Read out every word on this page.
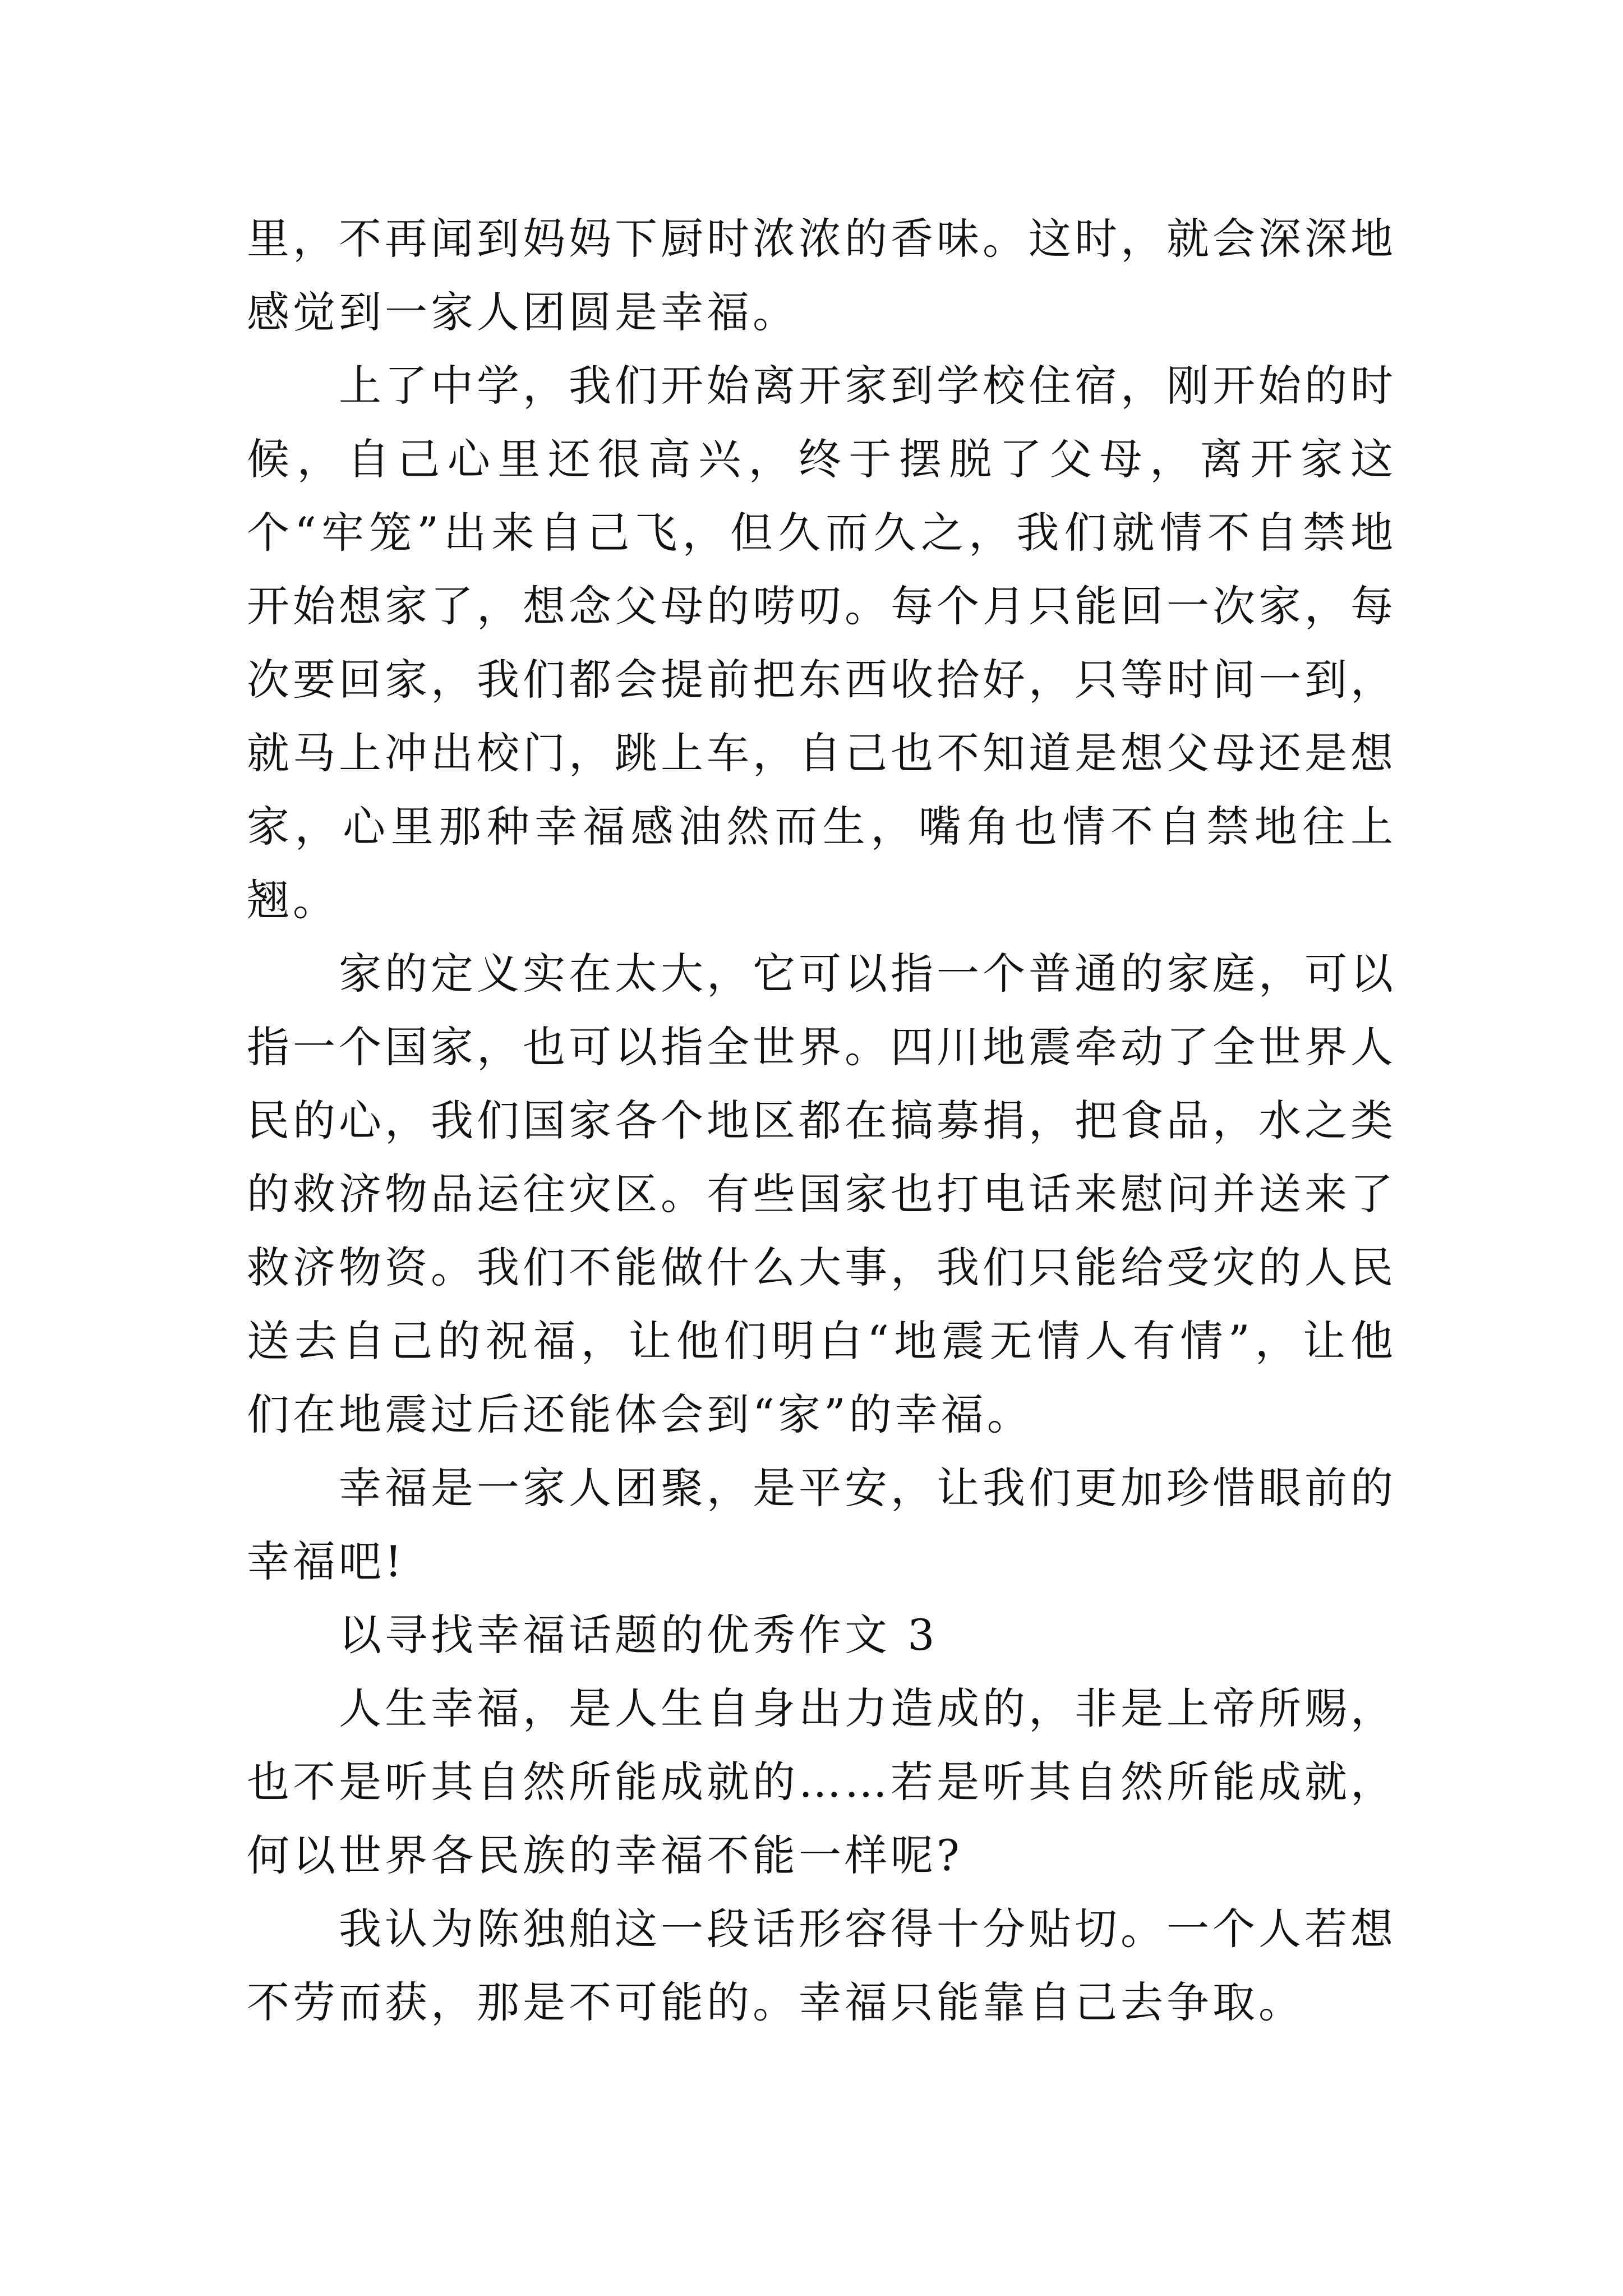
里，不再闻到妈妈下厨时浓浓的香味。这时，就会深深地感觉到一家人团圆是幸福。

上了中学，我们开始离开家到学校住宿，刚开始的时候，自己心里还很高兴，终于摆脱了父母，离开家这个“牢笼”出来自己飞，但久而久之，我们就情不自禁地开始想家了，想念父母的唠叨。每个月只能回一次家，每次要回家，我们都会提前把东西收拾好，只等时间一到，就马上冲出校门，跳上车，自己也不知道是想父母还是想家，心里那种幸福感油然而生，嘴角也情不自禁地往上翘。

家的定义实在太大，它可以指一个普通的家庭，可以指一个国家，也可以指全世界。四川地震牵动了全世界人民的心，我们国家各个地区都在搞募捐，把食品，水之类的救济物品运往灾区。有些国家也打电话来慰问并送来了救济物资。我们不能做什么大事，我们只能给受灾的人民送去自己的祝福，让他们明白“地震无情人有情”，让他们在地震过后还能体会到“家”的幸福。

幸福是一家人团聚，是平安，让我们更加珍惜眼前的幸福吧!

以寻找幸福话题的优秀作文 3

人生幸福，是人生自身出力造成的，非是上帝所赐，也不是听其自然所能成就的……若是听其自然所能成就，何以世界各民族的幸福不能一样呢?

我认为陈独舶这一段话形容得十分贴切。一个人若想不劳而获，那是不可能的。幸福只能靠自己去争取。
